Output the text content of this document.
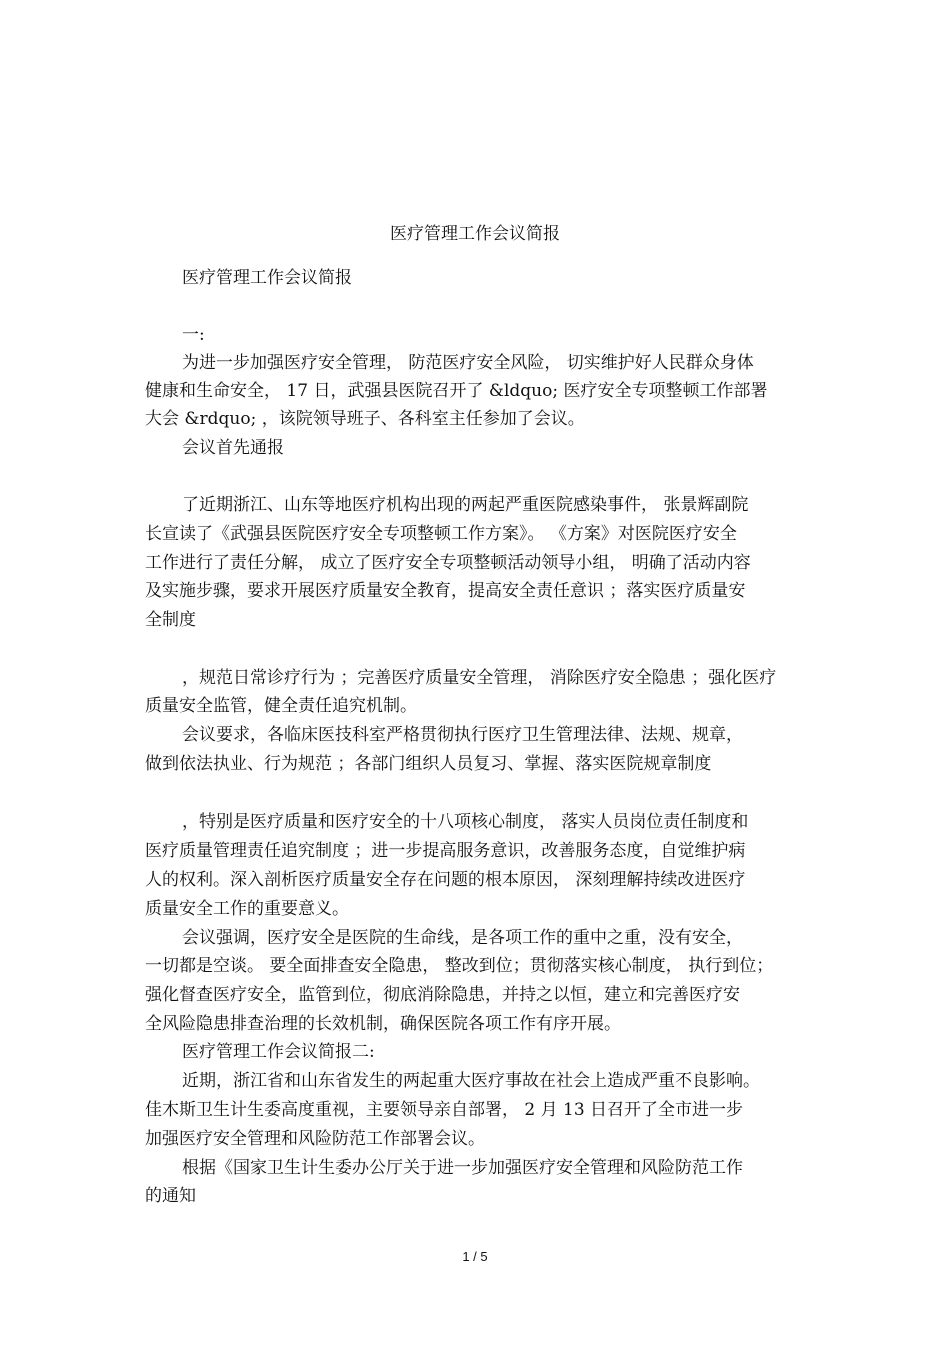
医疗管理工作会议简报
医疗管理工作会议简报
一:
为进一步加强医疗安全管理， 防范医疗安全风险， 切实维护好人民群众身体
健康和生命安全， 17 日，武强县医院召开了 &ldquo; 医疗安全专项整顿工作部署
大会 &rdquo; ，该院领导班子、各科室主任参加了会议。
会议首先通报
了近期浙江、山东等地医疗机构出现的两起严重医院感染事件， 张景辉副院
长宣读了《武强县医院医疗安全专项整顿工作方案》。 《方案》对医院医疗安全
工作进行了责任分解， 成立了医疗安全专项整顿活动领导小组， 明确了活动内容
及实施步骤，要求开展医疗质量安全教育，提高安全责任意识 ；落实医疗质量安
全制度
，规范日常诊疗行为 ；完善医疗质量安全管理， 消除医疗安全隐患 ；强化医疗
质量安全监管，健全责任追究机制。
会议要求，各临床医技科室严格贯彻执行医疗卫生管理法律、法规、规章，
做到依法执业、行为规范 ；各部门组织人员复习、掌握、落实医院规章制度
，特别是医疗质量和医疗安全的十八项核心制度， 落实人员岗位责任制度和
医疗质量管理责任追究制度 ；进一步提高服务意识，改善服务态度，自觉维护病
人的权利。深入剖析医疗质量安全存在问题的根本原因， 深刻理解持续改进医疗
质量安全工作的重要意义。
会议强调，医疗安全是医院的生命线，是各项工作的重中之重，没有安全，
一切都是空谈。 要全面排查安全隐患， 整改到位；贯彻落实核心制度， 执行到位；
强化督查医疗安全，监管到位，彻底消除隐患，并持之以恒，建立和完善医疗安
全风险隐患排查治理的长效机制，确保医院各项工作有序开展。
医疗管理工作会议简报二:
近期，浙江省和山东省发生的两起重大医疗事故在社会上造成严重不良影响。
佳木斯卫生计生委高度重视，主要领导亲自部署， 2 月 13 日召开了全市进一步
加强医疗安全管理和风险防范工作部署会议。
根据《国家卫生计生委办公厅关于进一步加强医疗安全管理和风险防范工作
的通知
1 / 5
